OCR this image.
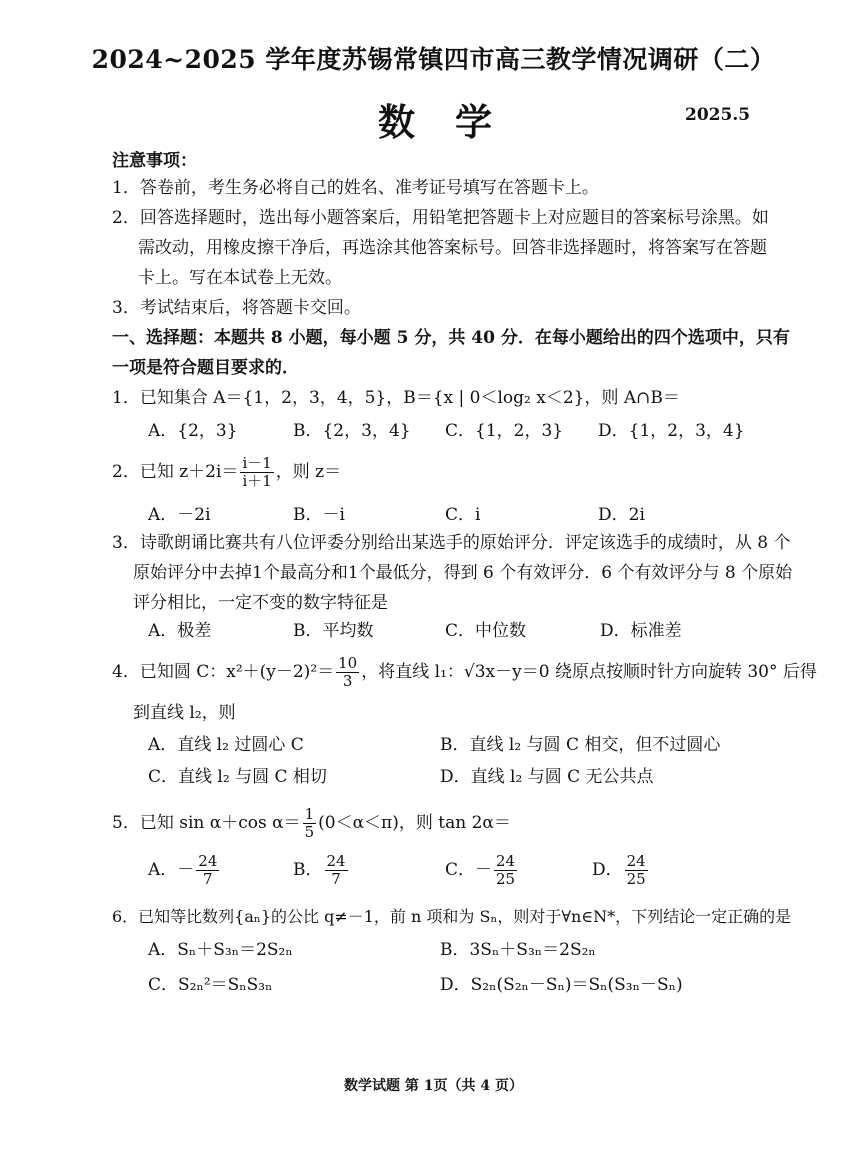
2024~2025 学年度苏锡常镇四市高三教学情况调研（二）
数学	2025.5
注意事项：
1．答卷前，考生务必将自己的姓名、准考证号填写在答题卡上。
2．回答选择题时，选出每小题答案后，用铅笔把答题卡上对应题目的答案标号涂黑。如
需改动，用橡皮擦干净后，再选涂其他答案标号。回答非选择题时，将答案写在答题
卡上。写在本试卷上无效。
3．考试结束后，将答题卡交回。
一、选择题：本题共 8 小题，每小题 5 分，共 40 分．在每小题给出的四个选项中，只有
一项是符合题目要求的．
1．已知集合 A＝{1，2，3，4，5}，B＝{x | 0＜log₂ x＜2}，则 A∩B＝
A．{2，3}	B．{2，3，4} C．{1，2，3} D．{1，2，3，4}
2．已知 $z+2i= \frac{i-1}{i+1}$ ，则 z＝
A．－2i	B．－i	C．i	D．2i
3．诗歌朗诵比赛共有八位评委分别给出某选手的原始评分．评定该选手的成绩时，从 8 个
原始评分中去掉1个最高分和1个最低分，得到 6 个有效评分．6 个有效评分与 8 个原始
评分相比，一定不变的数字特征是
A．极差	B．平均数	C．中位数	D．标准差
4．已知圆 C：$x^2+(y-2)^2= \frac{10}{3}$ ，将直线 l₁：√3x－y＝0 绕原点按顺时针方向旋转 30° 后得
到直线 l₂，则
A．直线 l₂ 过圆心 C	B．直线 l₂ 与圆 C 相交，但不过圆心
C．直线 l₂ 与圆 C 相切	D．直线 l₂ 与圆 C 无公共点
5．已知 sin α＋cos $\alpha= \frac{1}{5} (0<\alpha<\pi)$，则 tan 2α＝
A．－ $\frac{24}{7}$	B． $\frac{24}{7}$	C．－ $\frac{24}{25}$	D． $\frac{24}{25}$
6．已知等比数列{aₙ}的公比 q≠－1，前 n 项和为 Sₙ，则对于∀n∈N*，下列结论一定正确的是
A．Sₙ＋S₃ₙ＝2S₂ₙ	B．3Sₙ＋S₃ₙ＝2S₂ₙ
C．S₂ₙ²＝SₙS₃ₙ	D．S₂ₙ(S₂ₙ－Sₙ)＝Sₙ(S₃ₙ－Sₙ)
数学试题 第 1页（共 4 页）
